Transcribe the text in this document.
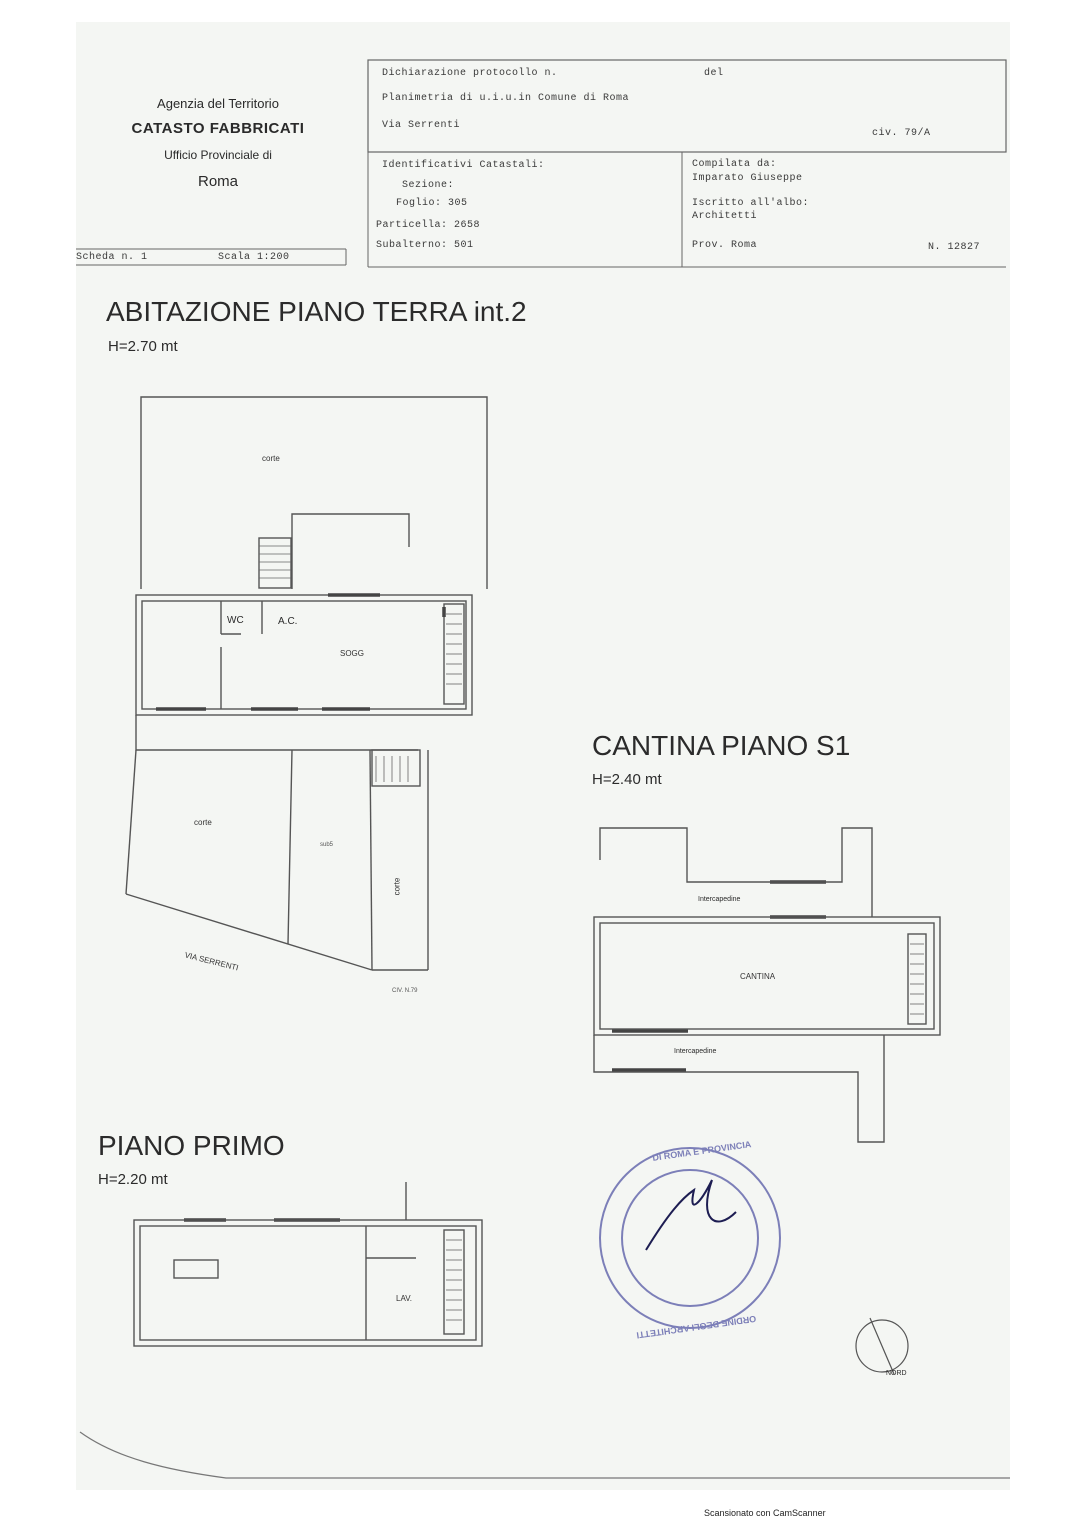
Agenzia del Territorio
CATASTO FABBRICATI
Ufficio Provinciale di
Roma
Dichiarazione protocollo n.	del
Planimetria di u.i.u.in Comune di Roma
Via Serrenti
civ. 79/A
Identificativi Catastali:
Sezione:
Foglio: 305
Particella: 2658
Subalterno: 501
Compilata da:
Imparato Giuseppe
Iscritto all'albo:
Architetti
Prov. Roma	N. 12827
Scheda n. 1	Scala 1:200
ABITAZIONE PIANO TERRA int.2
H=2.70 mt
CANTINA PIANO S1
H=2.40 mt
PIANO PRIMO
H=2.20 mt
corte
WC	A.C.
SOGG
corte
sub5
corte
VIA SERRENTI
CIV. N.79
Intercapedine
CANTINA
Intercapedine
LAV.
NORD
DI ROMA E PROVINCIA
ORDINE DEGLI ARCHITETTI
Scansionato con CamScanner
